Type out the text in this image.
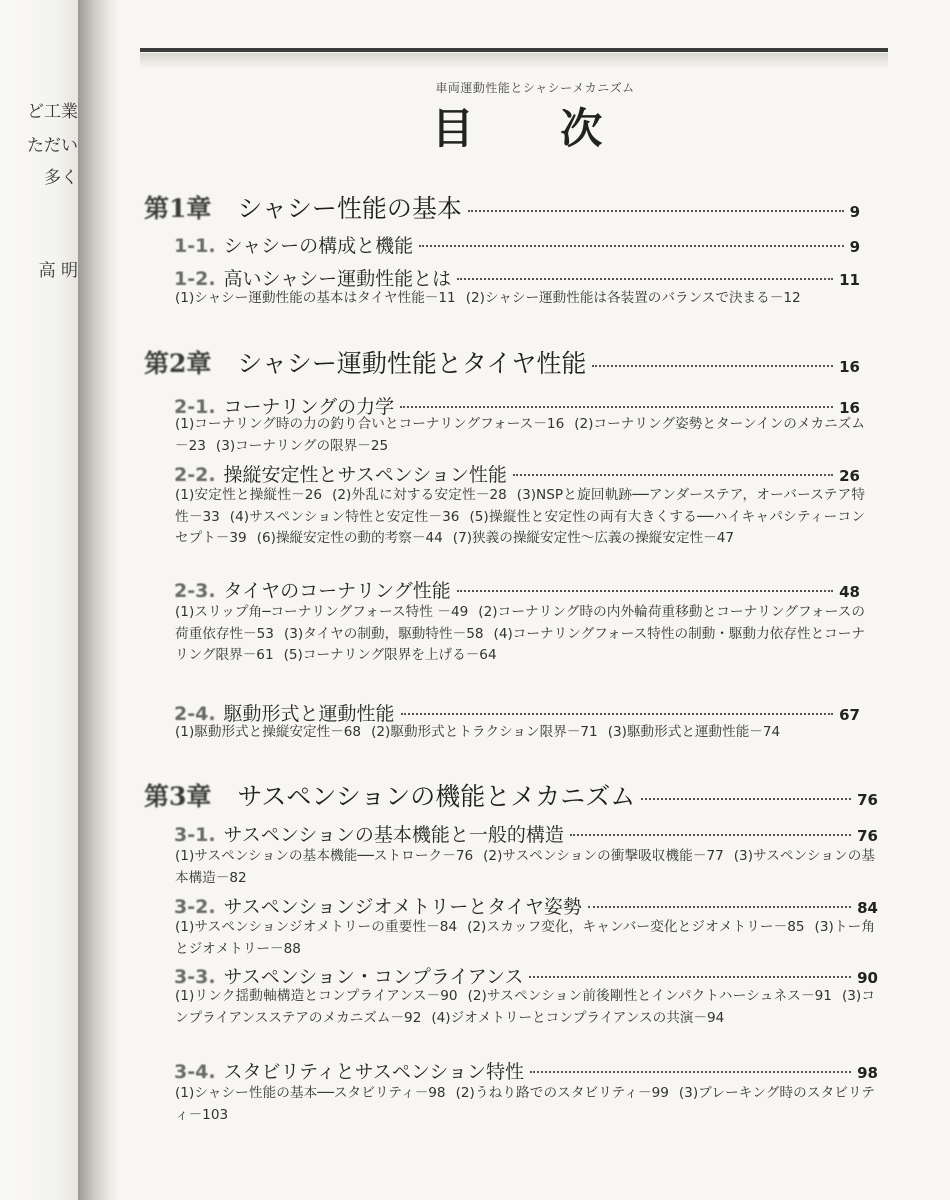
ど工業
ただい
多く
高 明
車両運動性能とシャシーメカニズム
目 次
第1章 シャシー性能の基本	9
1-1. シャシーの構成と機能	9
1-2. 高いシャシー運動性能とは	11
(1)シャシー運動性能の基本はタイヤ性能－11 (2)シャシー運動性能は各装置のバランスで決まる－12
第2章 シャシー運動性能とタイヤ性能	16
2-1. コーナリングの力学	16
(1)コーナリング時の力の釣り合いとコーナリングフォース－16 (2)コーナリング姿勢とターンインのメカニズム－23 (3)コーナリングの限界－25
2-2. 操縦安定性とサスペンション性能	26
(1)安定性と操縦性－26 (2)外乱に対する安定性－28 (3)NSPと旋回軌跡──アンダーステア，オーバーステア特性－33 (4)サスペンション特性と安定性－36 (5)操縦性と安定性の両有大きくする──ハイキャパシティーコンセプト－39 (6)操縦安定性の動的考察－44 (7)狭義の操縦安定性～広義の操縦安定性－47
2-3. タイヤのコーナリング性能	48
(1)スリップ角─コーナリングフォース特性 －49 (2)コーナリング時の内外輪荷重移動とコーナリングフォースの荷重依存性－53 (3)タイヤの制動，駆動特性－58 (4)コーナリングフォース特性の制動・駆動力依存性とコーナリング限界－61 (5)コーナリング限界を上げる－64
2-4. 駆動形式と運動性能	67
(1)駆動形式と操縦安定性－68 (2)駆動形式とトラクション限界－71 (3)駆動形式と運動性能－74
第3章 サスペンションの機能とメカニズム	76
3-1. サスペンションの基本機能と一般的構造	76
(1)サスペンションの基本機能──ストローク－76 (2)サスペンションの衝撃吸収機能－77 (3)サスペンションの基本構造－82
3-2. サスペンションジオメトリーとタイヤ姿勢	84
(1)サスペンションジオメトリーの重要性－84 (2)スカッフ変化，キャンバー変化とジオメトリー－85 (3)トー角とジオメトリー－88
3-3. サスペンション・コンプライアンス	90
(1)リンク揺動軸構造とコンプライアンス－90 (2)サスペンション前後剛性とインパクトハーシュネス－91 (3)コンプライアンスステアのメカニズム－92 (4)ジオメトリーとコンプライアンスの共演－94
3-4. スタビリティとサスペンション特性	98
(1)シャシー性能の基本──スタビリティ－98 (2)うねり路でのスタビリティ－99 (3)ブレーキング時のスタビリティ－103
